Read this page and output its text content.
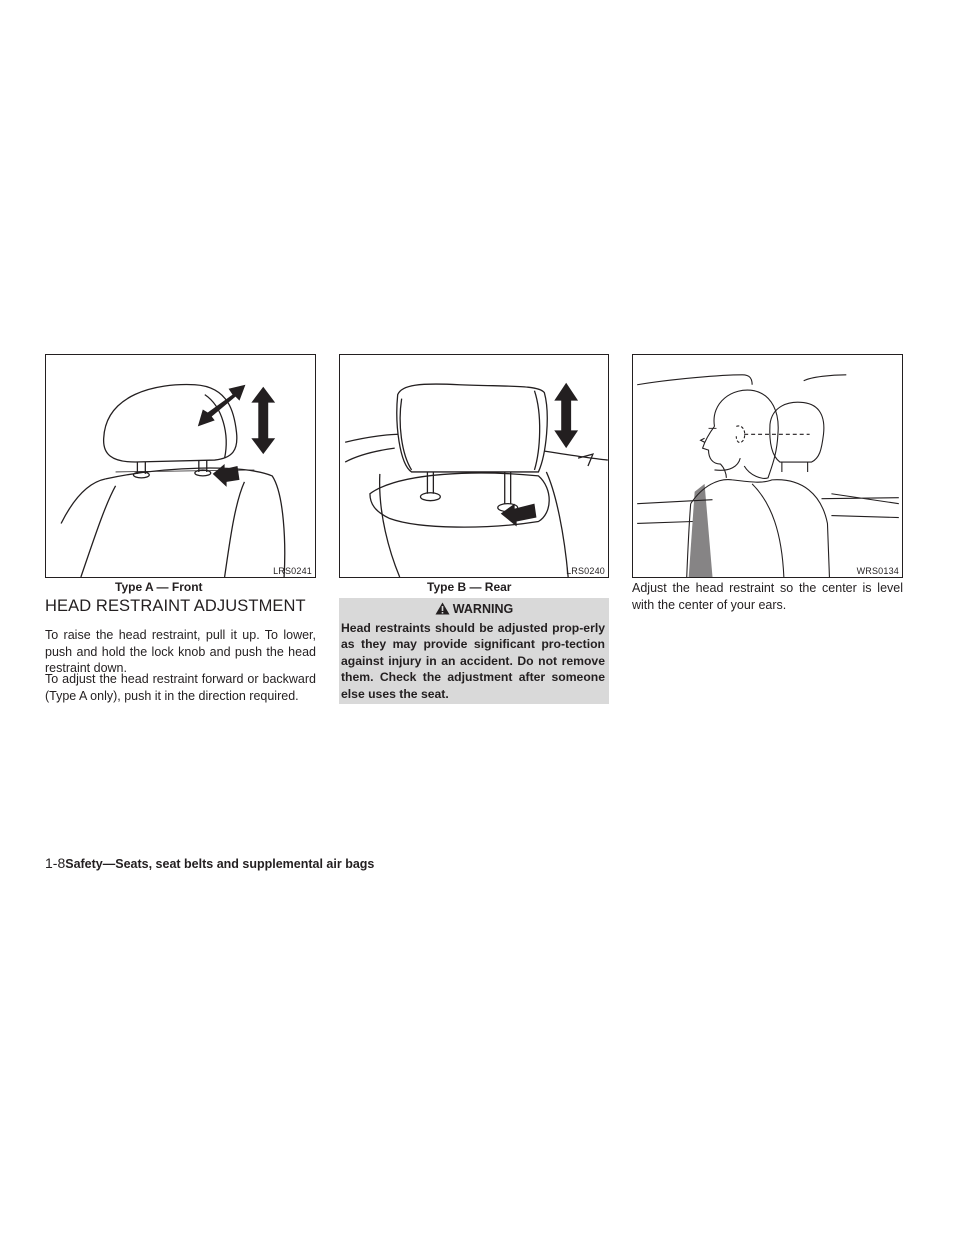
LRS0241
Type A — Front
LRS0240
Type B — Rear
WRS0134
HEAD RESTRAINT ADJUSTMENT

To raise the head restraint, pull it up. To lower, push and hold the lock knob and push the head restraint down.

To adjust the head restraint forward or backward (Type A only), push it in the direction required.

WARNING

Head restraints should be adjusted prop-erly as they may provide significant pro-tection against injury in an accident. Do not remove them. Check the adjustment after someone else uses the seat.

Adjust the head restraint so the center is level with the center of your ears.

1-8Safety—Seats, seat belts and supplemental air bags
